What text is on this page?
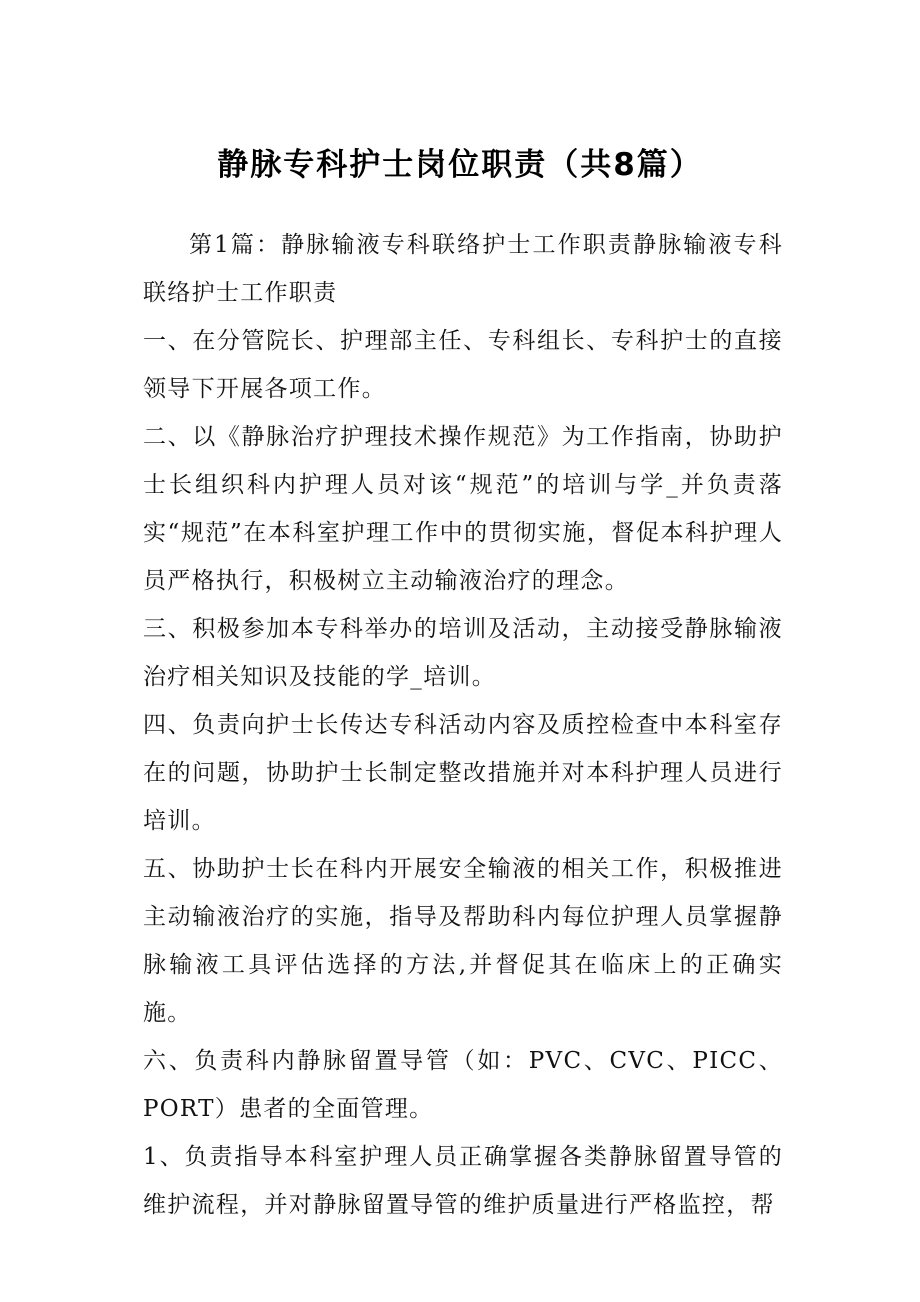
静脉专科护士岗位职责（共8篇）

第1篇：静脉输液专科联络护士工作职责静脉输液专科联络护士工作职责

一、在分管院长、护理部主任、专科组长、专科护士的直接领导下开展各项工作。

二、以《静脉治疗护理技术操作规范》为工作指南，协助护士长组织科内护理人员对该“规范”的培训与学_并负责落实“规范”在本科室护理工作中的贯彻实施，督促本科护理人员严格执行，积极树立主动输液治疗的理念。

三、积极参加本专科举办的培训及活动，主动接受静脉输液治疗相关知识及技能的学_培训。

四、负责向护士长传达专科活动内容及质控检查中本科室存在的问题，协助护士长制定整改措施并对本科护理人员进行培训。

五、协助护士长在科内开展安全输液的相关工作，积极推进主动输液治疗的实施，指导及帮助科内每位护理人员掌握静脉输液工具评估选择的方法,并督促其在临床上的正确实施。

六、负责科内静脉留置导管（如：PVC、CVC、PICC、PORT）患者的全面管理。

1、负责指导本科室护理人员正确掌握各类静脉留置导管的维护流程，并对静脉留置导管的维护质量进行严格监控，帮
